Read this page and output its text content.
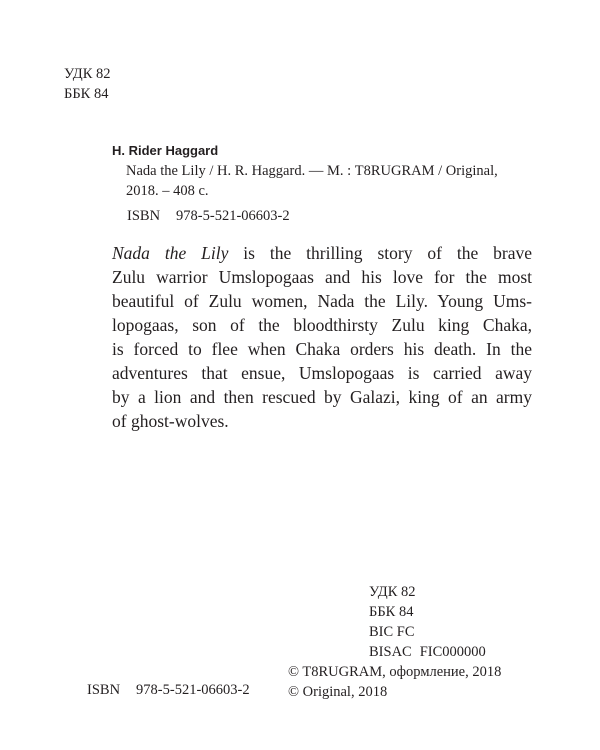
УДК 82
ББК 84
H. Rider Haggard
Nada the Lily / H. R. Haggard. — М. : T8RUGRAM / Original,
2018. – 408 с.
ISBN 978-5-521-06603-2
Nada the Lily is the thrilling story of the brave
Zulu warrior Umslopogaas and his love for the most
beautiful of Zulu women, Nada the Lily. Young Ums-
lopogaas, son of the bloodthirsty Zulu king Chaka,
is forced to flee when Chaka orders his death. In the
adventures that ensue, Umslopogaas is carried away
by a lion and then rescued by Galazi, king of an army
of ghost-wolves.
УДК 82
ББК 84
BIC FC
BISAC FIC000000
ISBN 978-5-521-06603-2
© T8RUGRAM, оформление, 2018
© Original, 2018
